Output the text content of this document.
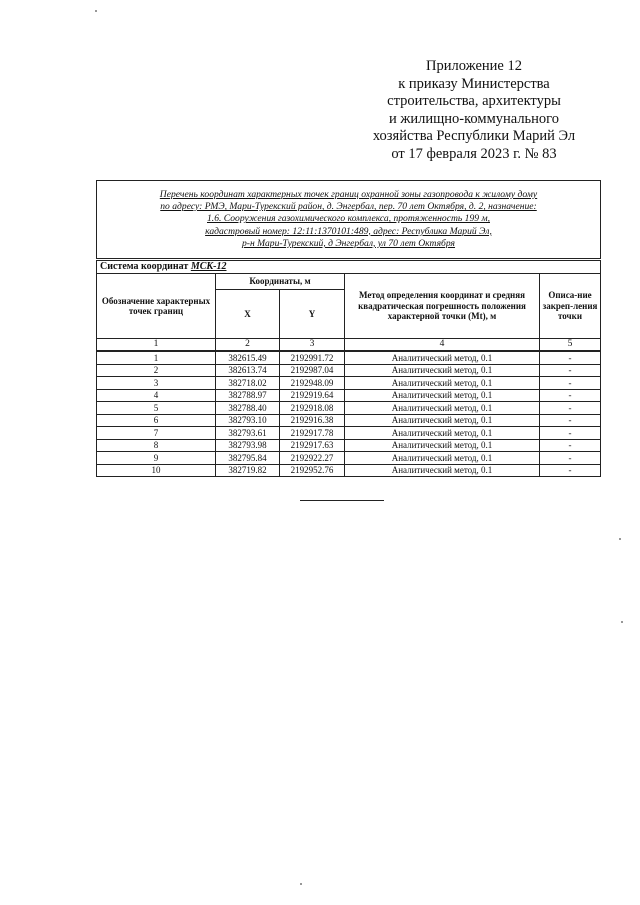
Приложение 12
к приказу Министерства
строительства, архитектуры
и жилищно-коммунального
хозяйства Республики Марий Эл
от 17 февраля 2023 г. № 83
Перечень координат характерных точек границ охранной зоны газопровода к жилому дому
по адресу: РМЭ, Мари-Турекский район, д. Энгербал, пер. 70 лет Октября, д. 2, назначение:
1.6. Сооружения газохимического комплекса, протяженность 199 м,
кадастровый номер: 12:11:1370101:489, адрес: Республика Марий Эл,
р-н Мари-Турекский, д Энгербал, ул 70 лет Октября				

Система координат МСК-12				
Обозначение характерных точек границ	Координаты, м		Метод определения координат и средняя квадратическая погрешность положения характерной точки (Mt), м	Описа-ние закреп-ления точки
	X	Y		
1	2	3	4	5
1	382615.49	2192991.72	Аналитический метод, 0.1	-
2	382613.74	2192987.04	Аналитический метод, 0.1	-
3	382718.02	2192948.09	Аналитический метод, 0.1	-
4	382788.97	2192919.64	Аналитический метод, 0.1	-
5	382788.40	2192918.08	Аналитический метод, 0.1	-
6	382793.10	2192916.38	Аналитический метод, 0.1	-
7	382793.61	2192917.78	Аналитический метод, 0.1	-
8	382793.98	2192917.63	Аналитический метод, 0.1	-
9	382795.84	2192922.27	Аналитический метод, 0.1	-
10	382719.82	2192952.76	Аналитический метод, 0.1	-
